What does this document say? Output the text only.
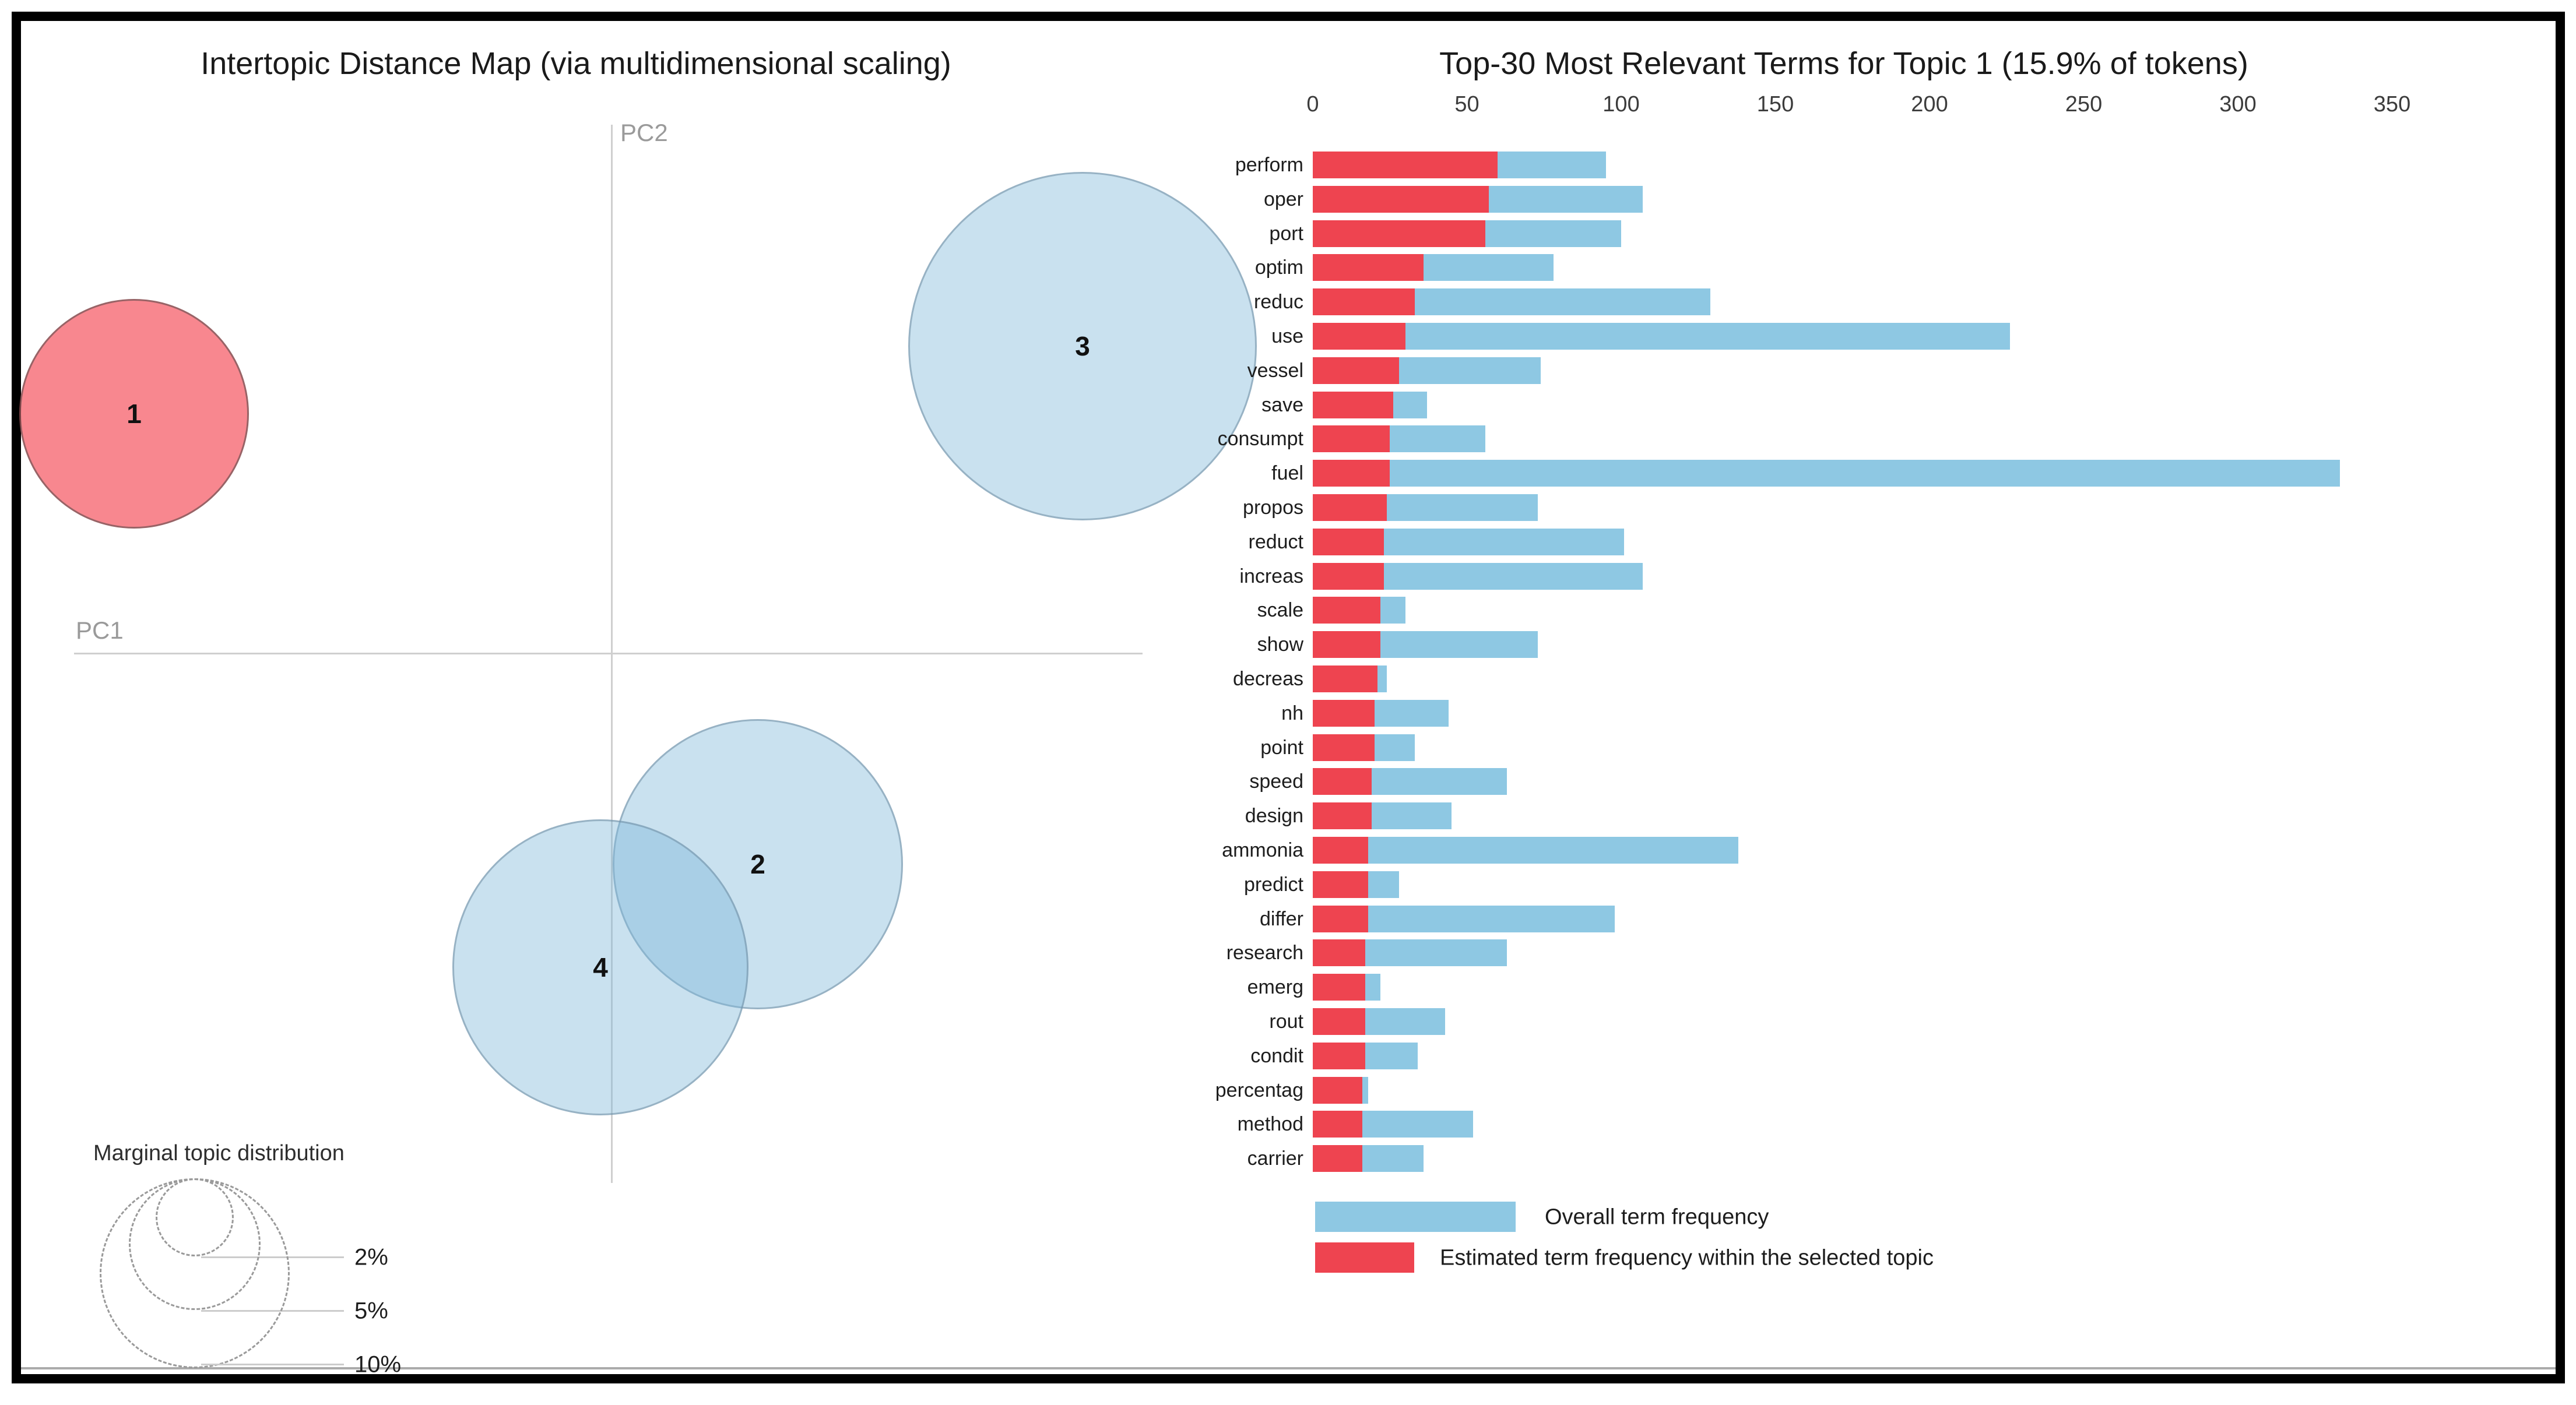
Intertopic Distance Map (via multidimensional scaling)
PC2
PC1
1
2
3
4
Marginal topic distribution
2%
5%
10%
Top-30 Most Relevant Terms for Topic 1 (15.9% of tokens)
0	50	100	150	200	250	300	350
perform
oper
port
optim
reduc
use
vessel
save
consumpt
fuel
propos
reduct
increas
scale
show
decreas
nh
point
speed
design
ammonia
predict
differ
research
emerg
rout
condit
percentag
method
carrier
Overall term frequency
Estimated term frequency within the selected topic
